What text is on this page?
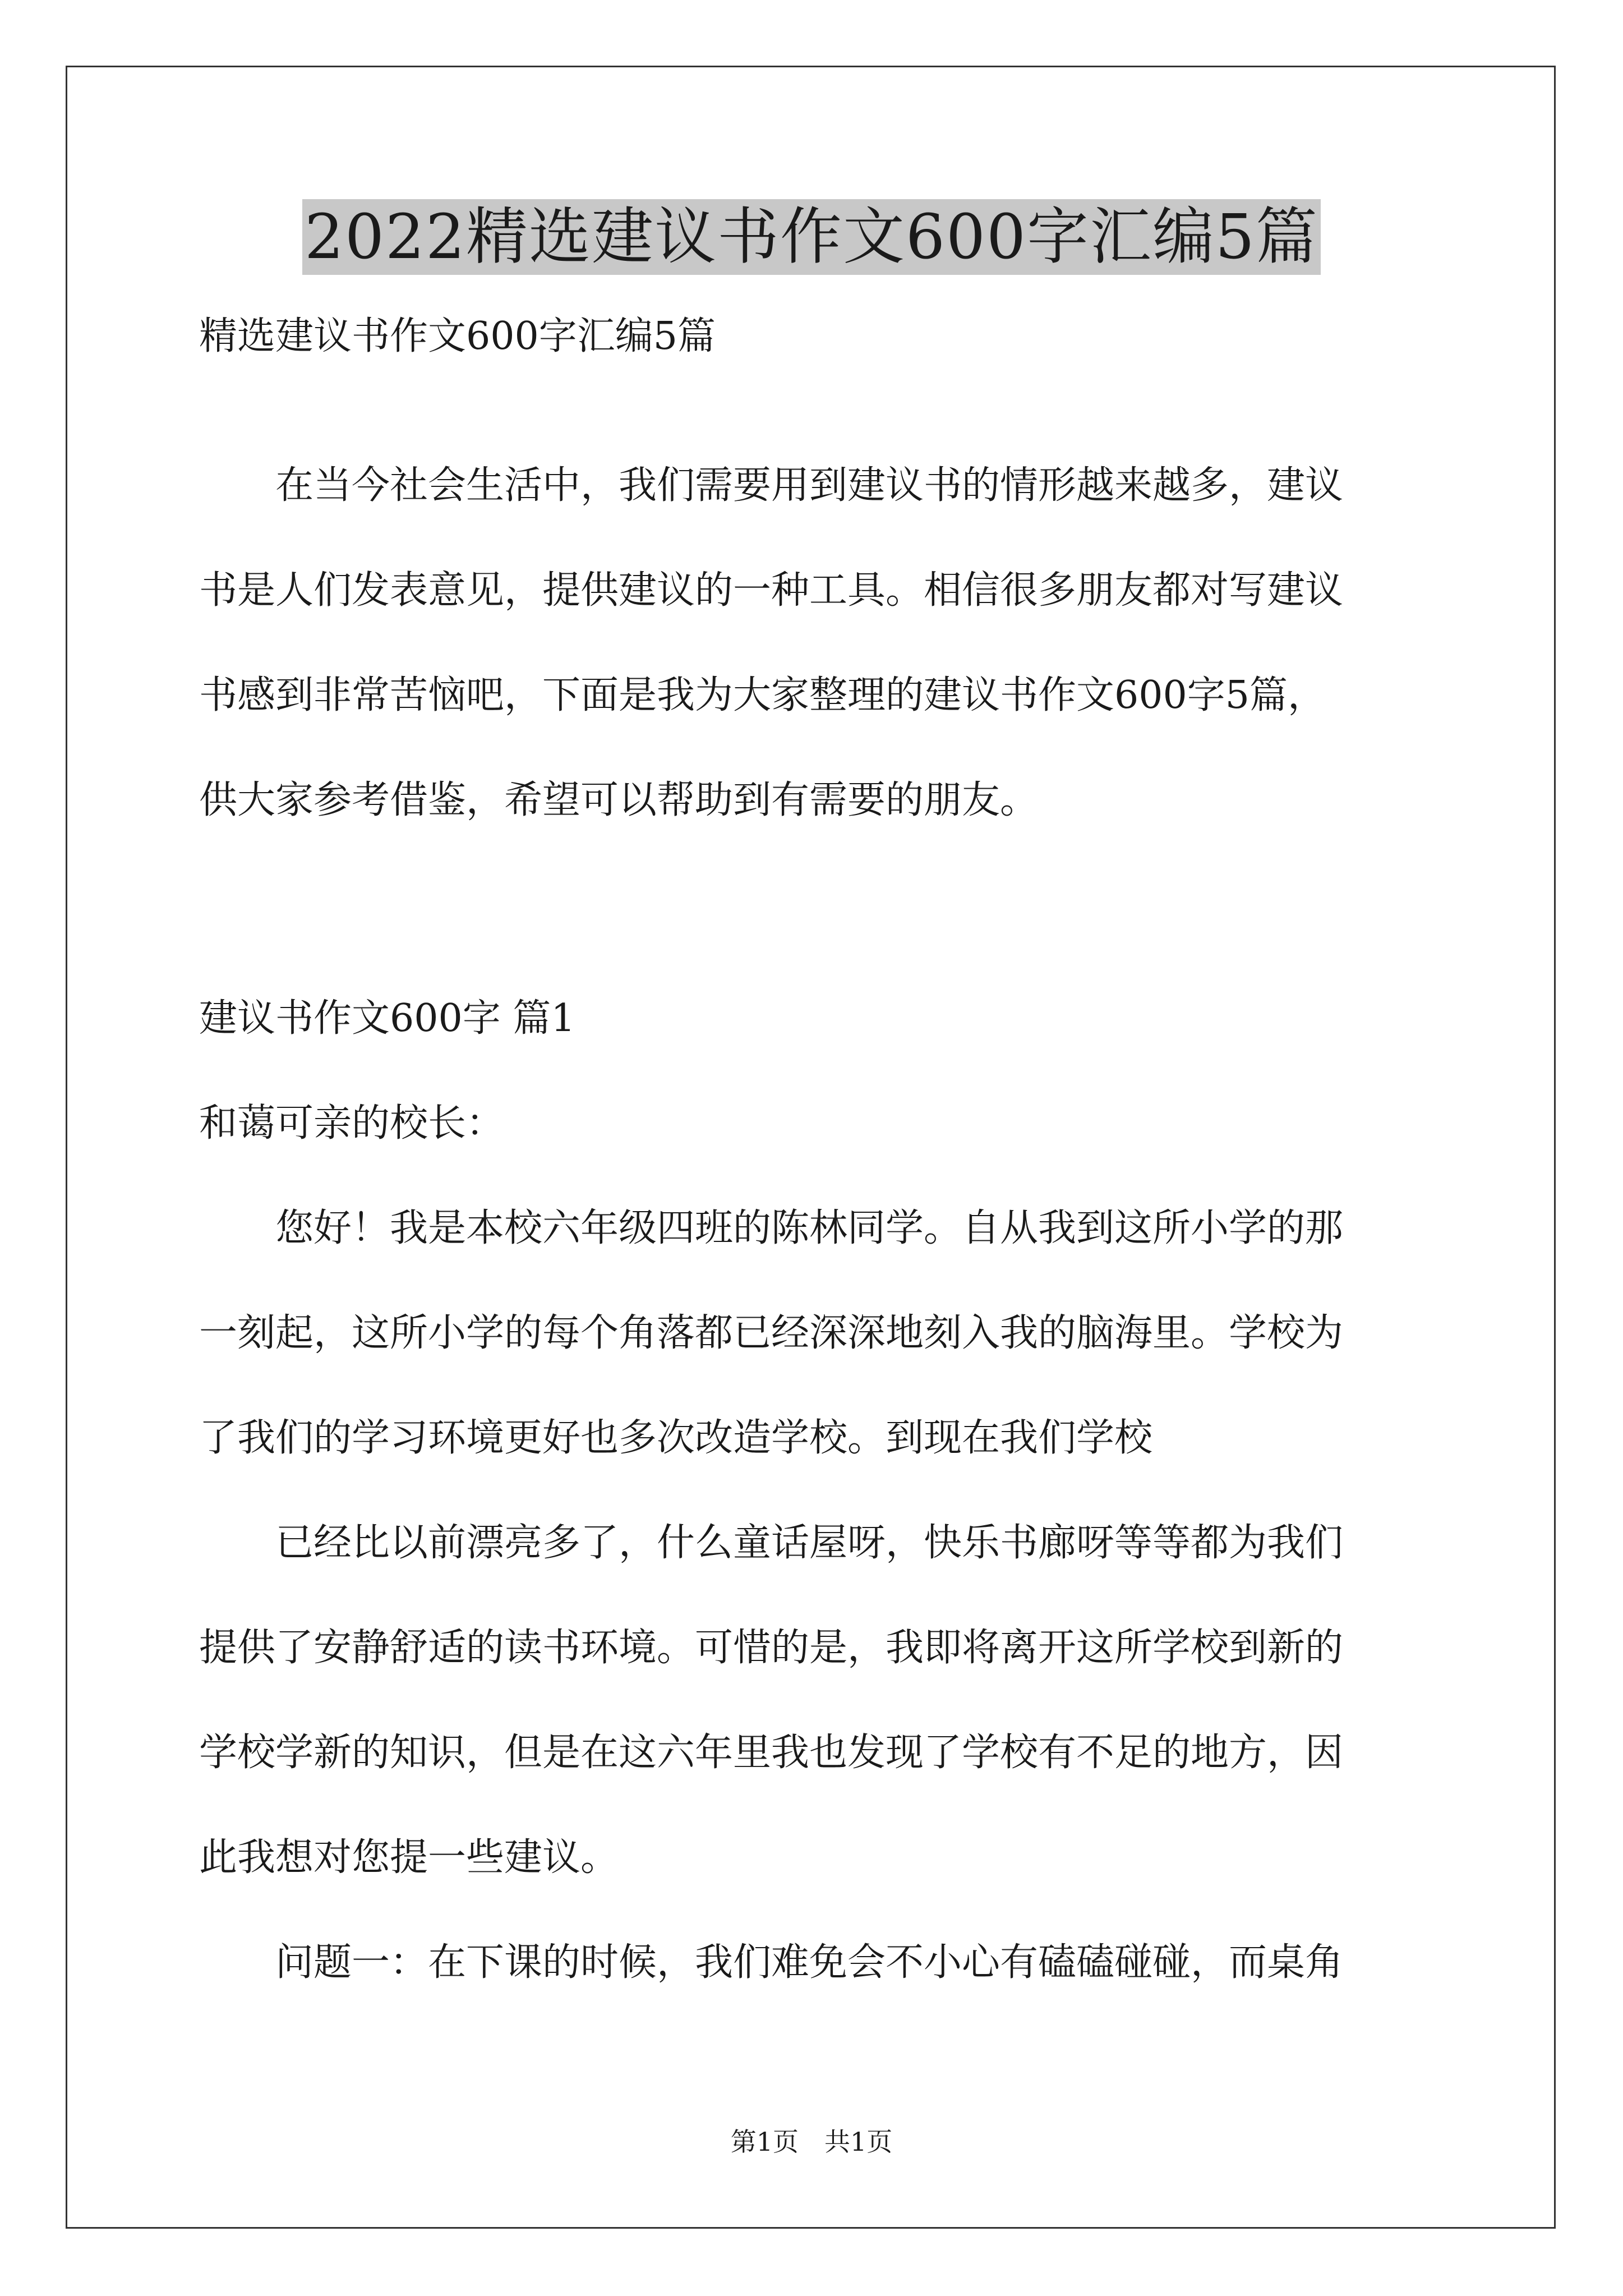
2022精选建议书作文600字汇编5篇
精选建议书作文600字汇编5篇
　　在当今社会生活中，我们需要用到建议书的情形越来越多，建议
书是人们发表意见，提供建议的一种工具。相信很多朋友都对写建议
书感到非常苦恼吧，下面是我为大家整理的建议书作文600字5篇，
供大家参考借鉴，希望可以帮助到有需要的朋友。
建议书作文600字 篇1
和蔼可亲的校长：
　　您好！我是本校六年级四班的陈林同学。自从我到这所小学的那
一刻起，这所小学的每个角落都已经深深地刻入我的脑海里。学校为
了我们的学习环境更好也多次改造学校。到现在我们学校
　　已经比以前漂亮多了，什么童话屋呀，快乐书廊呀等等都为我们
提供了安静舒适的读书环境。可惜的是，我即将离开这所学校到新的
学校学新的知识，但是在这六年里我也发现了学校有不足的地方，因
此我想对您提一些建议。
　　问题一：在下课的时候，我们难免会不小心有磕磕碰碰，而桌角
第1页　共1页
